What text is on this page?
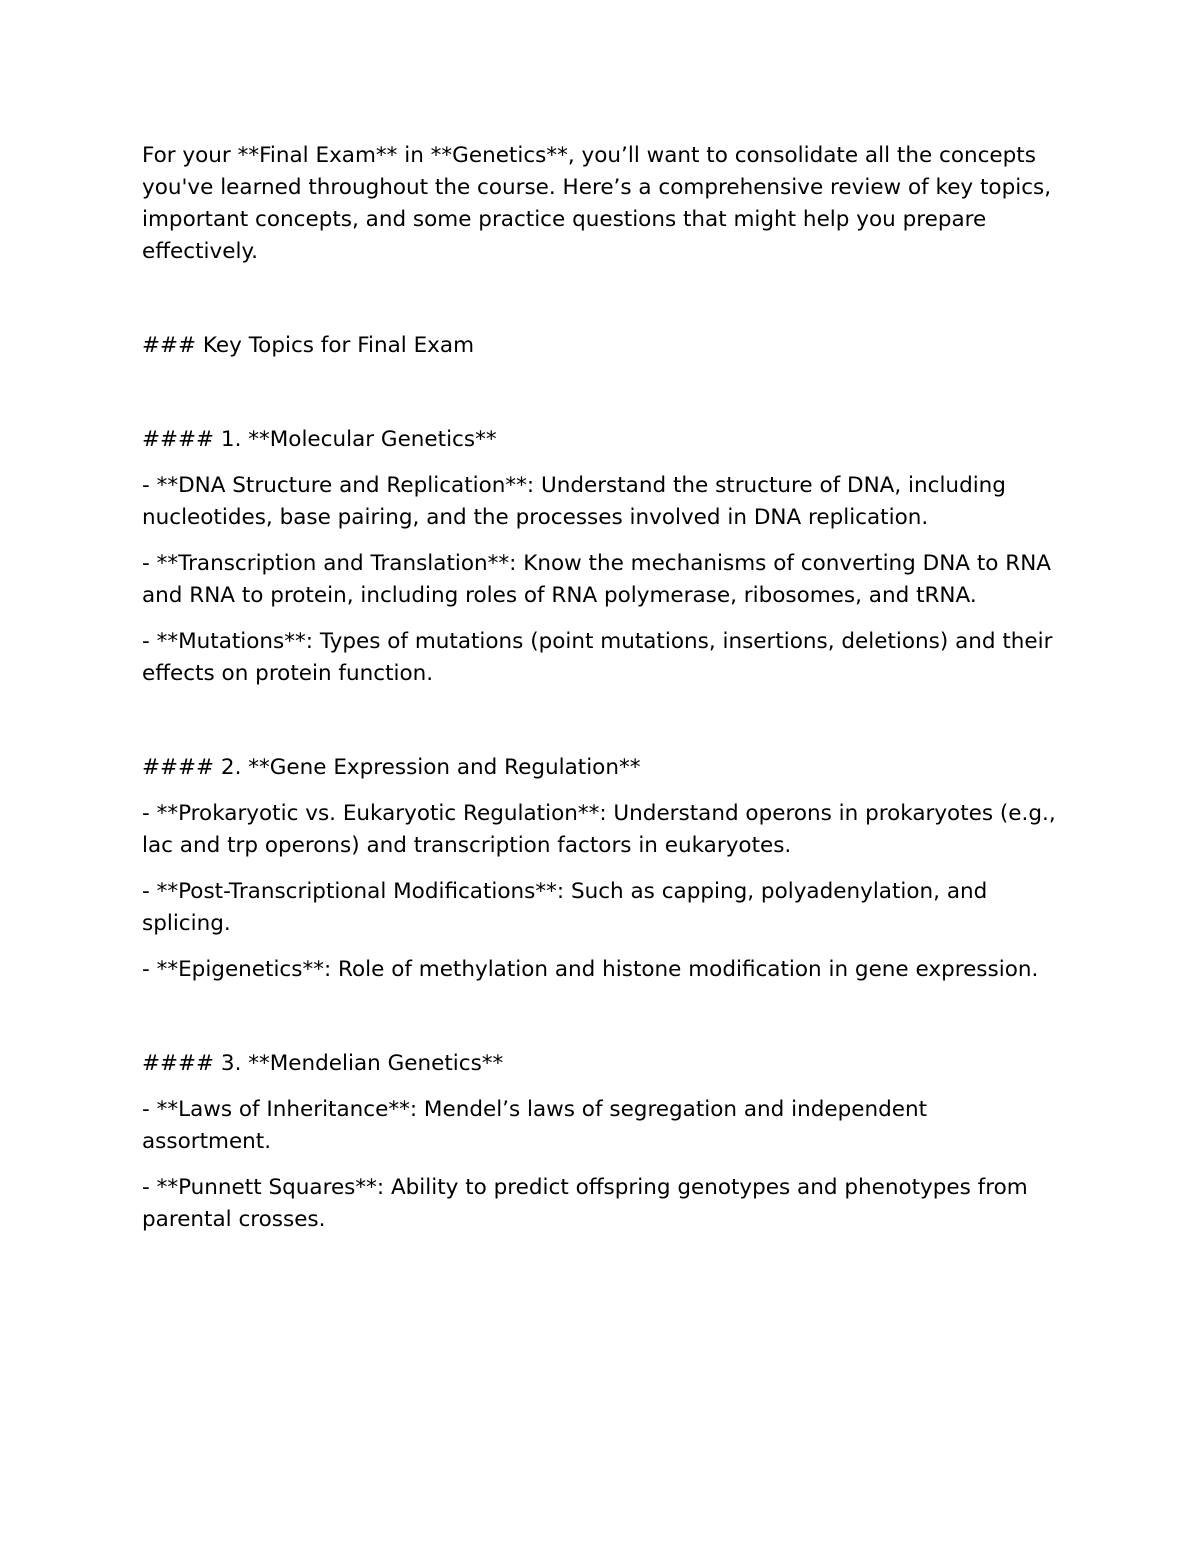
For your **Final Exam** in **Genetics**, you’ll want to consolidate all the concepts you've learned throughout the course. Here’s a comprehensive review of key topics, important concepts, and some practice questions that might help you prepare effectively.

### Key Topics for Final Exam

#### 1. **Molecular Genetics**

- **DNA Structure and Replication**: Understand the structure of DNA, including nucleotides, base pairing, and the processes involved in DNA replication.

- **Transcription and Translation**: Know the mechanisms of converting DNA to RNA and RNA to protein, including roles of RNA polymerase, ribosomes, and tRNA.

- **Mutations**: Types of mutations (point mutations, insertions, deletions) and their effects on protein function.

#### 2. **Gene Expression and Regulation**

- **Prokaryotic vs. Eukaryotic Regulation**: Understand operons in prokaryotes (e.g., lac and trp operons) and transcription factors in eukaryotes.

- **Post-Transcriptional Modifications**: Such as capping, polyadenylation, and splicing.

- **Epigenetics**: Role of methylation and histone modification in gene expression.

#### 3. **Mendelian Genetics**

- **Laws of Inheritance**: Mendel’s laws of segregation and independent assortment.

- **Punnett Squares**: Ability to predict offspring genotypes and phenotypes from parental crosses.
